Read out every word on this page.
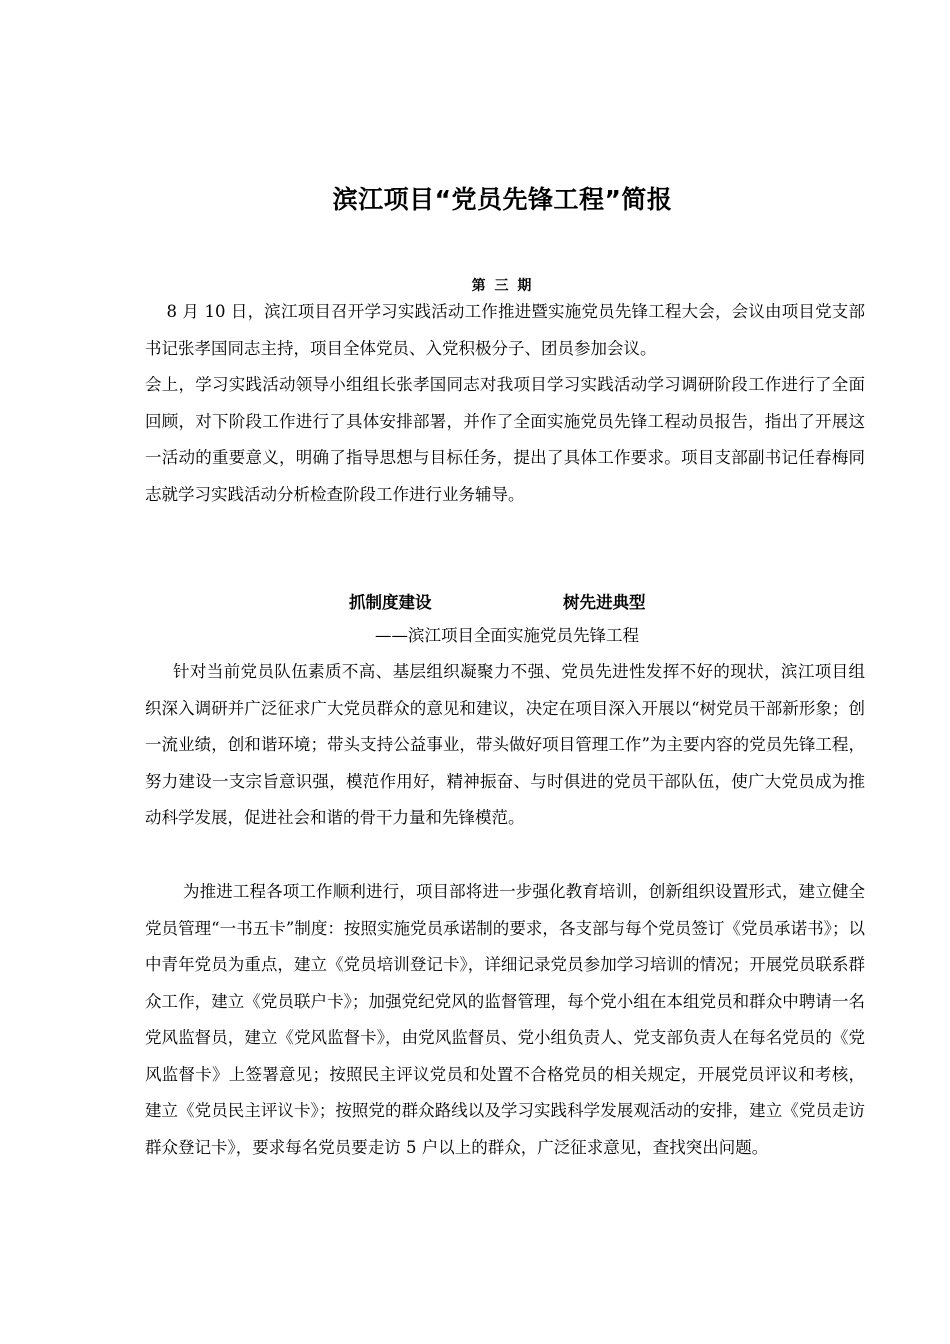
滨江项目“党员先锋工程”简报
第 三 期

8 月 10 日，滨江项目召开学习实践活动工作推进暨实施党员先锋工程大会，会议由项目党支部书记张孝国同志主持，项目全体党员、入党积极分子、团员参加会议。

会上，学习实践活动领导小组组长张孝国同志对我项目学习实践活动学习调研阶段工作进行了全面回顾，对下阶段工作进行了具体安排部署，并作了全面实施党员先锋工程动员报告，指出了开展这一活动的重要意义，明确了指导思想与目标任务，提出了具体工作要求。项目支部副书记任春梅同志就学习实践活动分析检查阶段工作进行业务辅导。

抓制度建设	树先进典型
——滨江项目全面实施党员先锋工程

针对当前党员队伍素质不高、基层组织凝聚力不强、党员先进性发挥不好的现状，滨江项目组织深入调研并广泛征求广大党员群众的意见和建议，决定在项目深入开展以“树党员干部新形象；创一流业绩，创和谐环境；带头支持公益事业，带头做好项目管理工作”为主要内容的党员先锋工程，努力建设一支宗旨意识强，模范作用好，精神振奋、与时俱进的党员干部队伍，使广大党员成为推动科学发展，促进社会和谐的骨干力量和先锋模范。

为推进工程各项工作顺利进行，项目部将进一步强化教育培训，创新组织设置形式，建立健全党员管理“一书五卡”制度：按照实施党员承诺制的要求，各支部与每个党员签订《党员承诺书》；以中青年党员为重点，建立《党员培训登记卡》，详细记录党员参加学习培训的情况；开展党员联系群众工作，建立《党员联户卡》；加强党纪党风的监督管理，每个党小组在本组党员和群众中聘请一名党风监督员，建立《党风监督卡》，由党风监督员、党小组负责人、党支部负责人在每名党员的《党风监督卡》上签署意见；按照民主评议党员和处置不合格党员的相关规定，开展党员评议和考核，建立《党员民主评议卡》；按照党的群众路线以及学习实践科学发展观活动的安排，建立《党员走访群众登记卡》，要求每名党员要走访 5 户以上的群众，广泛征求意见，查找突出问题。
